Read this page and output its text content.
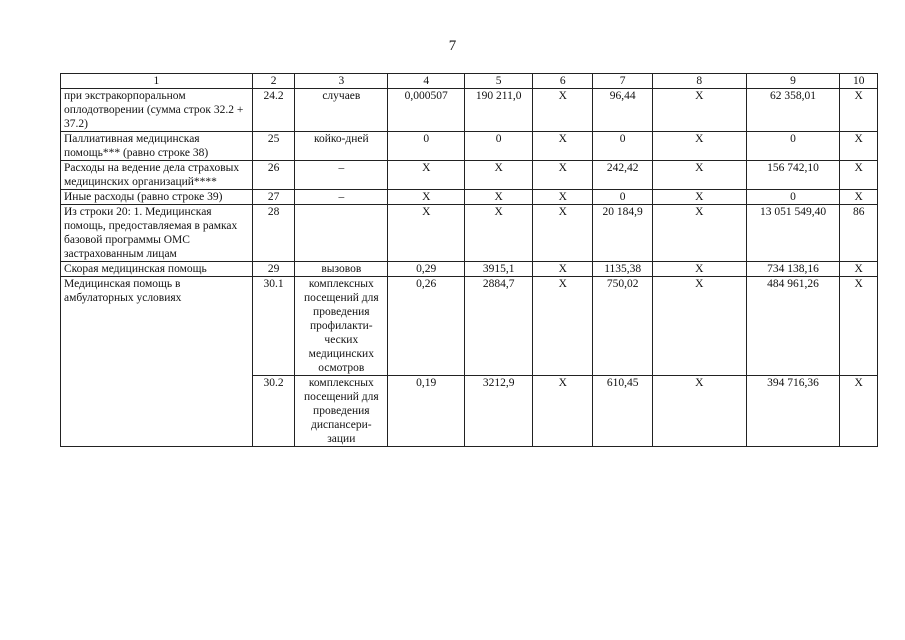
7
1	2	3	4	5	6	7	8	9	10
при экстракорпоральном оплодотворении (сумма строк 32.2 + 37.2)	24.2	случаев	0,000507	190 211,0	X	96,44	X	62 358,01	X
Паллиативная медицинская помощь*** (равно строке 38)	25	койко-дней	0	0	X	0	X	0	X
Расходы на ведение дела страховых медицинских организаций****	26	–	X	X	X	242,42	X	156 742,10	X
Иные расходы (равно строке 39)	27	–	X	X	X	0	X	0	X
Из строки 20: 1. Медицинская помощь, предоставляемая в рамках базовой программы ОМС застрахованным лицам	28		X	X	X	20 184,9	X	13 051 549,40	86
Скорая медицинская помощь	29	вызовов	0,29	3915,1	X	1135,38	X	734 138,16	X
Медицинская помощь в амбулаторных условиях	30.1	комплексных посещений для проведения профилакти-ческих медицинских осмотров	0,26	2884,7	X	750,02	X	484 961,26	X
	30.2	комплексных посещений для проведения диспансери-зации	0,19	3212,9	X	610,45	X	394 716,36	X
